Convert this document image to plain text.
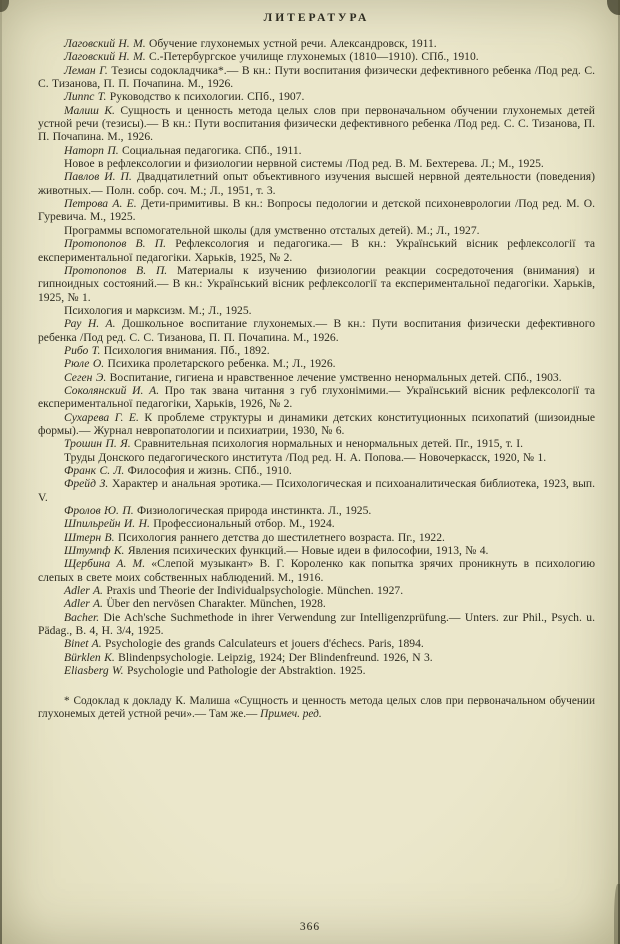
ЛИТЕРАТУРА

Лаговский Н. М. Обучение глухонемых устной речи. Александровск, 1911.

Лаговский Н. М. С.-Петербургское училище глухонемых (1810—1910). СПб., 1910.

Леман Г. Тезисы содокладчика*.— В кн.: Пути воспитания физически дефективного ребенка /Под ред. С. С. Тизанова, П. П. Почапина. М., 1926.

Липпс Т. Руководство к психологии. СПб., 1907.

Малиш К. Сущность и ценность метода целых слов при первоначальном обучении глухонемых детей устной речи (тезисы).— В кн.: Пути воспитания физически дефективного ребенка /Под ред. С. С. Тизанова, П. П. Почапина. М., 1926.

Наторп П. Социальная педагогика. СПб., 1911.

Новое в рефлексологии и физиологии нервной системы /Под ред. В. М. Бехтерева. Л.; М., 1925.

Павлов И. П. Двадцатилетний опыт объективного изучения высшей нервной деятельности (поведения) животных.— Полн. собр. соч. М.; Л., 1951, т. 3.

Петрова А. Е. Дети-примитивы. В кн.: Вопросы педологии и детской психоневрологии /Под ред. М. О. Гуревича. М., 1925.

Программы вспомогательной школы (для умственно отсталых детей). М.; Л., 1927.

Протопопов В. П. Рефлексология и педагогика.— В кн.: Український вісник рефлексології та експериментальної педагогіки. Харьків, 1925, № 2.

Протопопов В. П. Материалы к изучению физиологии реакции сосредоточения (внимания) и гипноидных состояний.— В кн.: Український вісник рефлексології та експериментальної педагогіки. Харьків, 1925, № 1.

Психология и марксизм. М.; Л., 1925.

Рау Н. А. Дошкольное воспитание глухонемых.— В кн.: Пути воспитания физически дефективного ребенка /Под ред. С. С. Тизанова, П. П. Почапина. М., 1926.

Рибо Т. Психология внимания. Пб., 1892.

Рюле О. Психика пролетарского ребенка. М.; Л., 1926.

Сеген Э. Воспитание, гигиена и нравственное лечение умственно ненормальных детей. СПб., 1903.

Соколянский И. А. Про так звана читання з губ глухонімими.— Український вісник рефлексології та експериментальної педагогіки, Харьків, 1926, № 2.

Сухарева Г. Е. К проблеме структуры и динамики детских конституционных психопатий (шизоидные формы).— Журнал невропатологии и психиатрии, 1930, № 6.

Трошин П. Я. Сравнительная психология нормальных и ненормальных детей. Пг., 1915, т. I.

Труды Донского педагогического института /Под ред. Н. А. Попова.— Новочеркасск, 1920, № 1.

Франк С. Л. Философия и жизнь. СПб., 1910.

Фрейд З. Характер и анальная эротика.— Психологическая и психоаналитическая библиотека, 1923, вып. V.

Фролов Ю. П. Физиологическая природа инстинкта. Л., 1925.

Шпильрейн И. Н. Профессиональный отбор. М., 1924.

Штерн В. Психология раннего детства до шестилетнего возраста. Пг., 1922.

Штумпф К. Явления психических функций.— Новые идеи в философии, 1913, № 4.

Щербина А. М. «Слепой музыкант» В. Г. Короленко как попытка зрячих проникнуть в психологию слепых в свете моих собственных наблюдений. М., 1916.

Adler A. Praxis und Theorie der Individualpsychologie. München. 1927.

Adler A. Über den nervösen Charakter. München, 1928.

Bacher. Die Ach'sche Suchmethode in ihrer Verwendung zur Intelligenzprüfung.— Unters. zur Phil., Psych. u. Pädag., B. 4, H. 3/4, 1925.

Binet A. Psychologie des grands Calculateurs et jouers d'échecs. Paris, 1894.

Bürklen K. Blindenpsychologie. Leipzig, 1924; Der Blindenfreund. 1926, N 3.

Eliasberg W. Psychologie und Pathologie der Abstraktion. 1925.

* Содоклад к докладу К. Малиша «Сущность и ценность метода целых слов при первоначальном обучении глухонемых детей устной речи».— Там же.— Примеч. ред.

366
